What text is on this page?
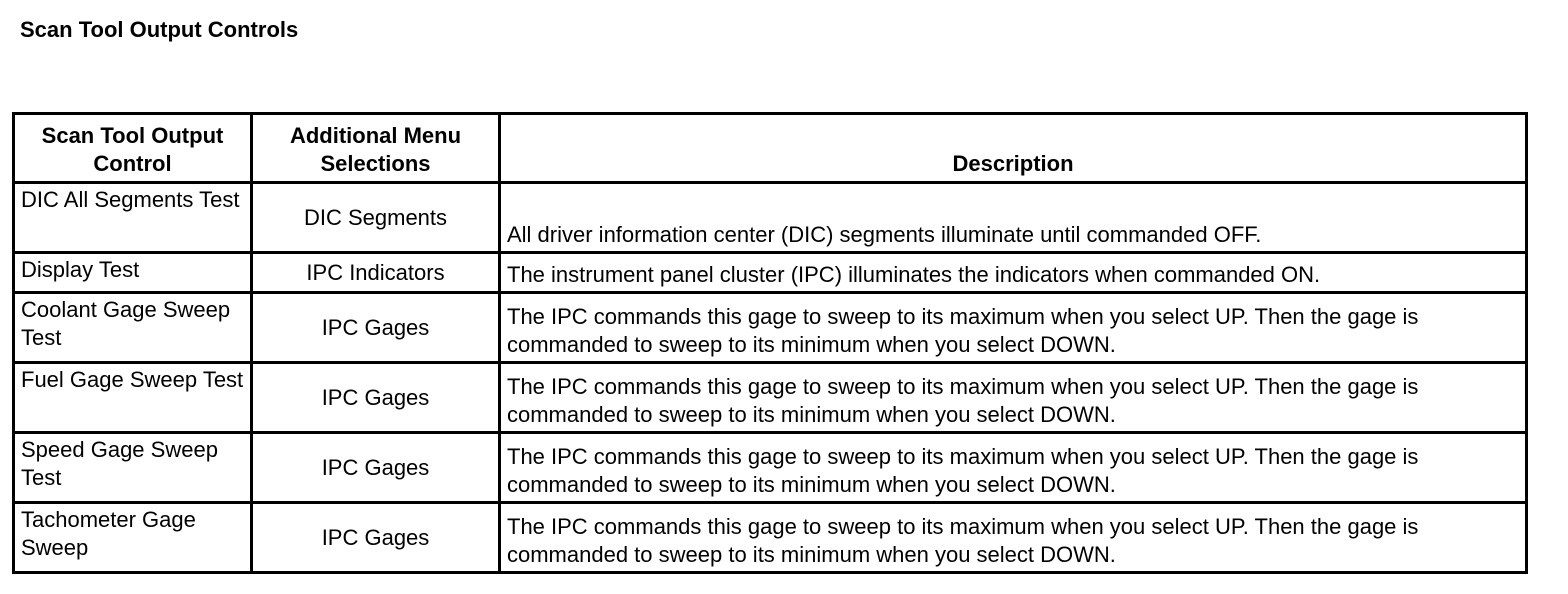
Scan Tool Output Controls
Scan Tool Output Control	Additional Menu Selections	Description
DIC All Segments Test	DIC Segments	All driver information center (DIC) segments illuminate until commanded OFF.
Display Test	IPC Indicators	The instrument panel cluster (IPC) illuminates the indicators when commanded ON.
Coolant Gage Sweep Test	IPC Gages	The IPC commands this gage to sweep to its maximum when you select UP. Then the gage is commanded to sweep to its minimum when you select DOWN.
Fuel Gage Sweep Test	IPC Gages	The IPC commands this gage to sweep to its maximum when you select UP. Then the gage is commanded to sweep to its minimum when you select DOWN.
Speed Gage Sweep Test	IPC Gages	The IPC commands this gage to sweep to its maximum when you select UP. Then the gage is commanded to sweep to its minimum when you select DOWN.
Tachometer Gage Sweep	IPC Gages	The IPC commands this gage to sweep to its maximum when you select UP. Then the gage is commanded to sweep to its minimum when you select DOWN.
